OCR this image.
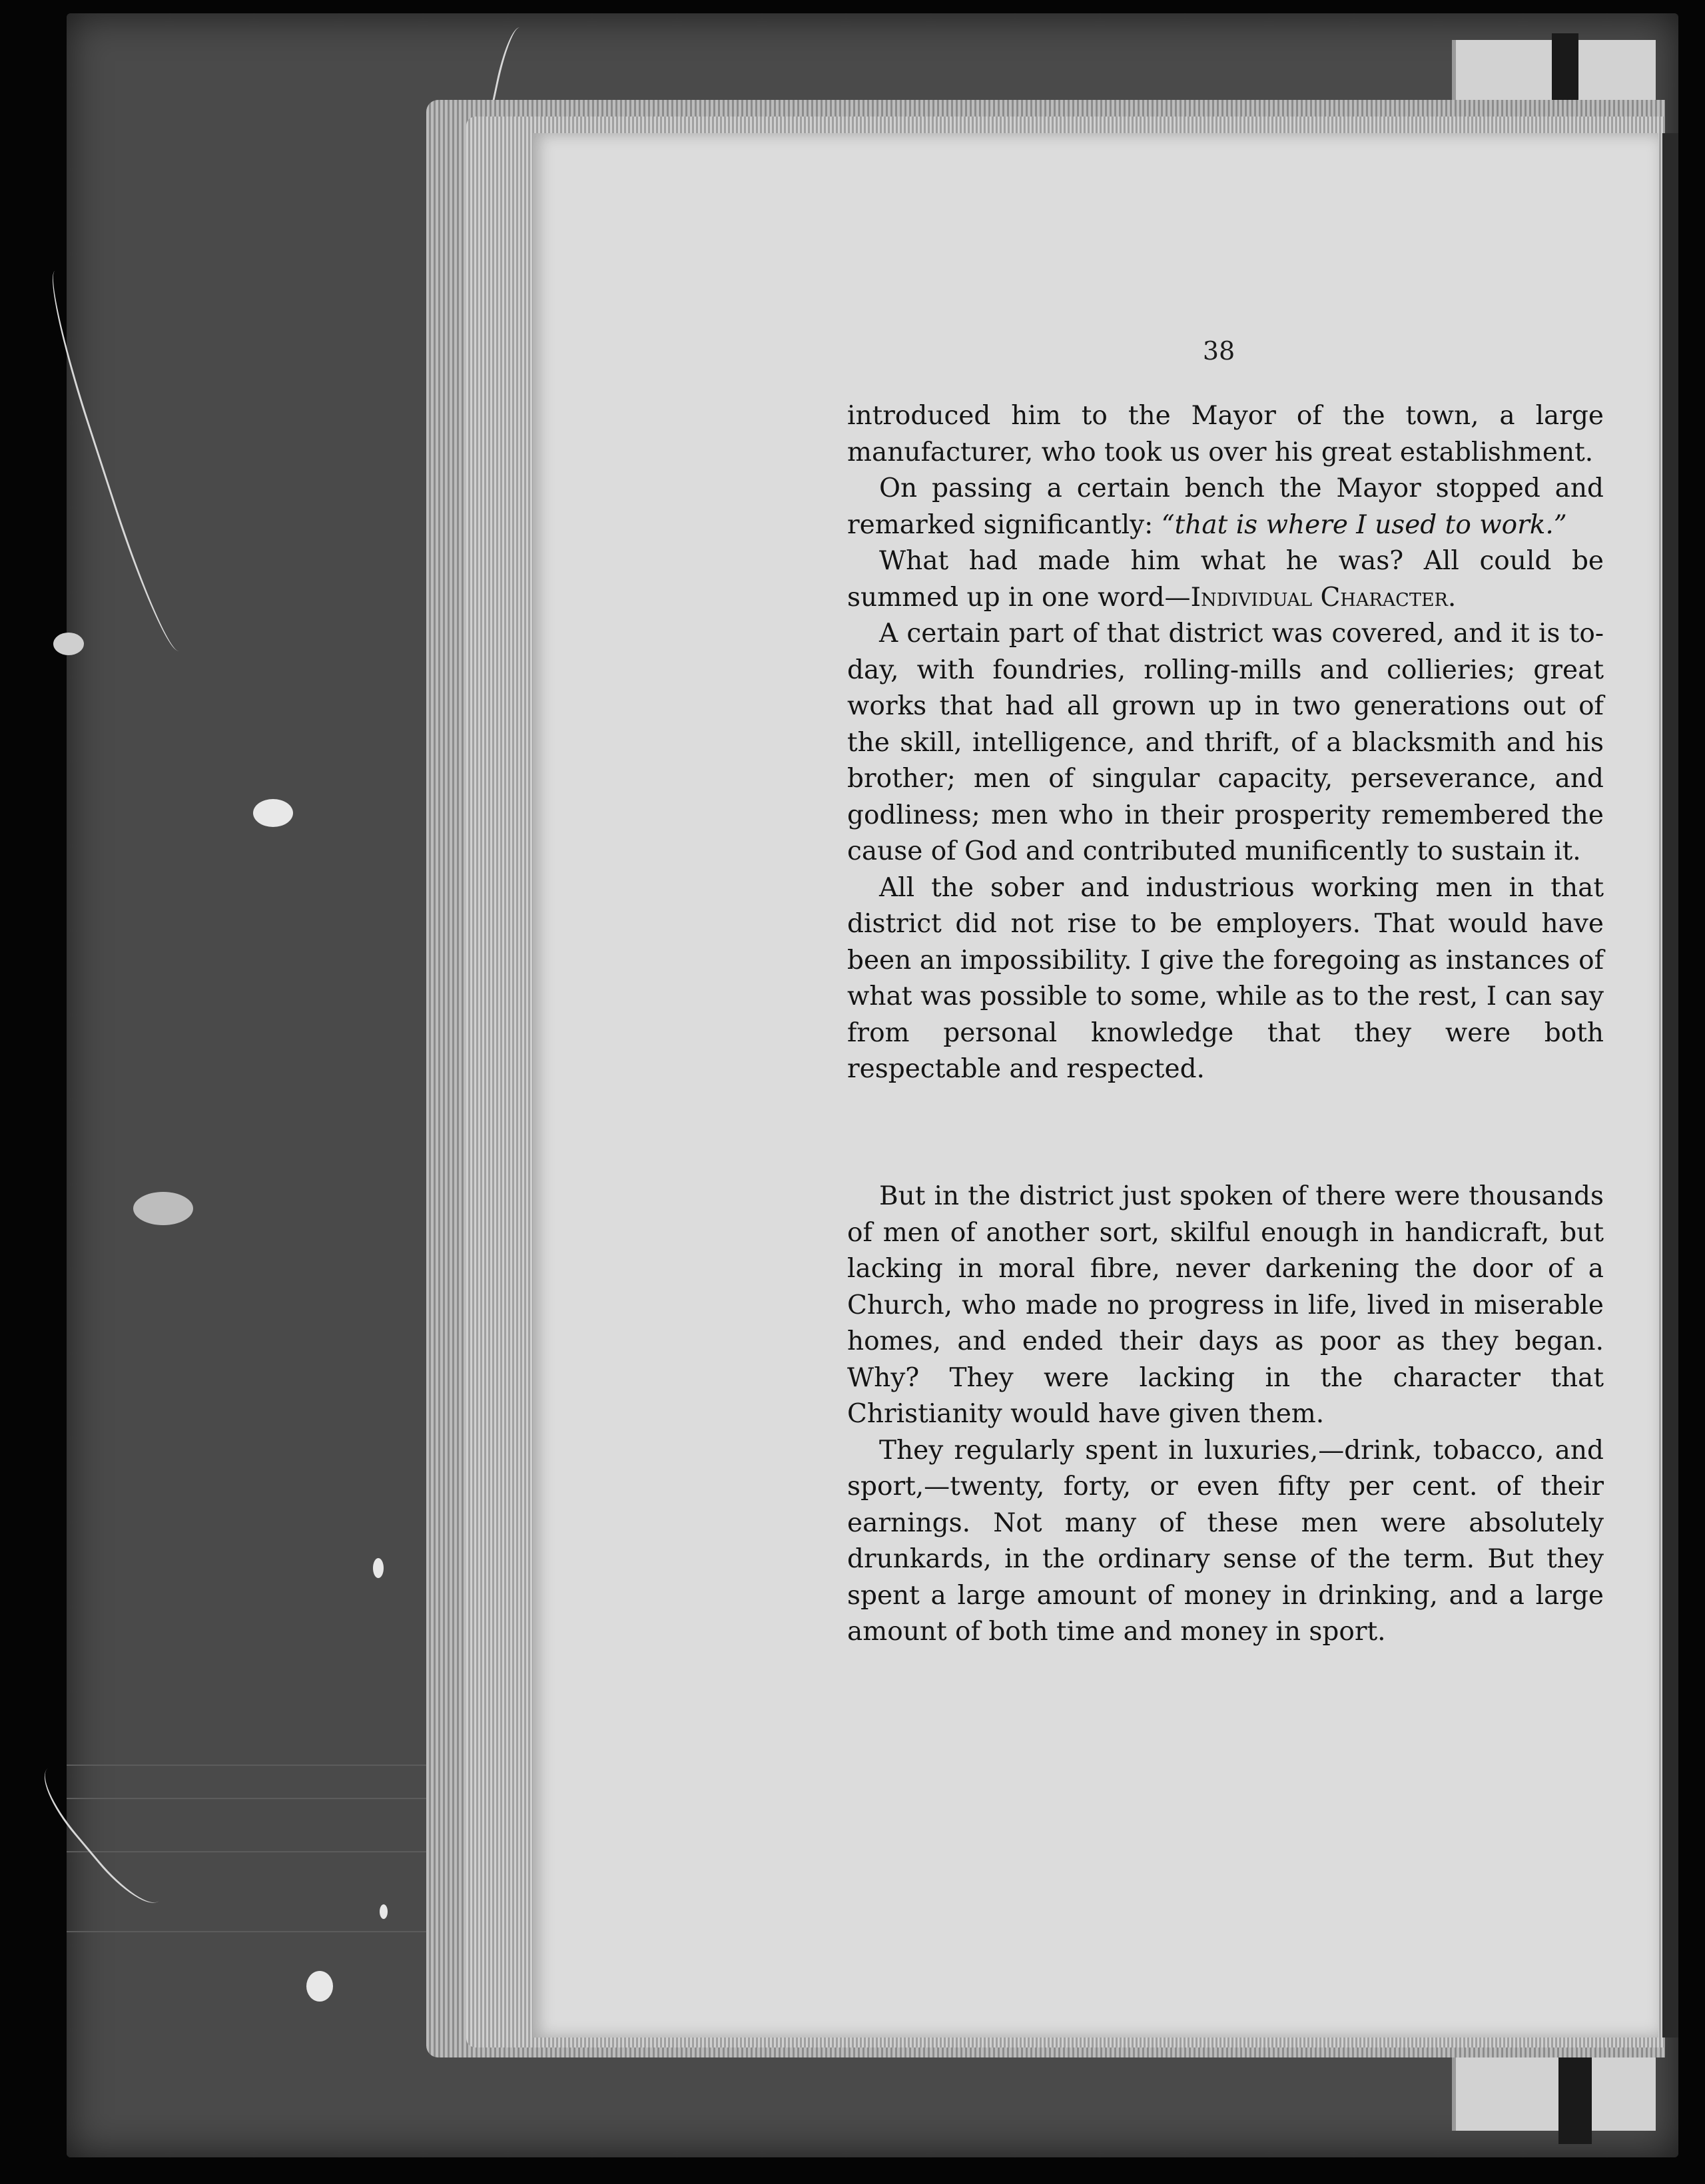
38

introduced him to the Mayor of the town, a large manufacturer, who took us over his great establishment.

On passing a certain bench the Mayor stopped and remarked significantly: “that is where I used to work.”

What had made him what he was? All could be summed up in one word—Individual Character.

A certain part of that district was covered, and it is to-day, with foundries, rolling-mills and collieries; great works that had all grown up in two generations out of the skill, intelligence, and thrift, of a blacksmith and his brother; men of singular capacity, perseverance, and godliness; men who in their prosperity remembered the cause of God and contributed munificently to sustain it.

All the sober and industrious working men in that district did not rise to be employers. That would have been an impossibility. I give the foregoing as instances of what was possible to some, while as to the rest, I can say from personal knowledge that they were both respectable and respected.

But in the district just spoken of there were thousands of men of another sort, skilful enough in handicraft, but lacking in moral fibre, never darkening the door of a Church, who made no progress in life, lived in miserable homes, and ended their days as poor as they began. Why? They were lacking in the character that Christianity would have given them.

They regularly spent in luxuries,—drink, tobacco, and sport,—twenty, forty, or even fifty per cent. of their earnings. Not many of these men were absolutely drunkards, in the ordinary sense of the term. But they spent a large amount of money in drinking, and a large amount of both time and money in sport.
